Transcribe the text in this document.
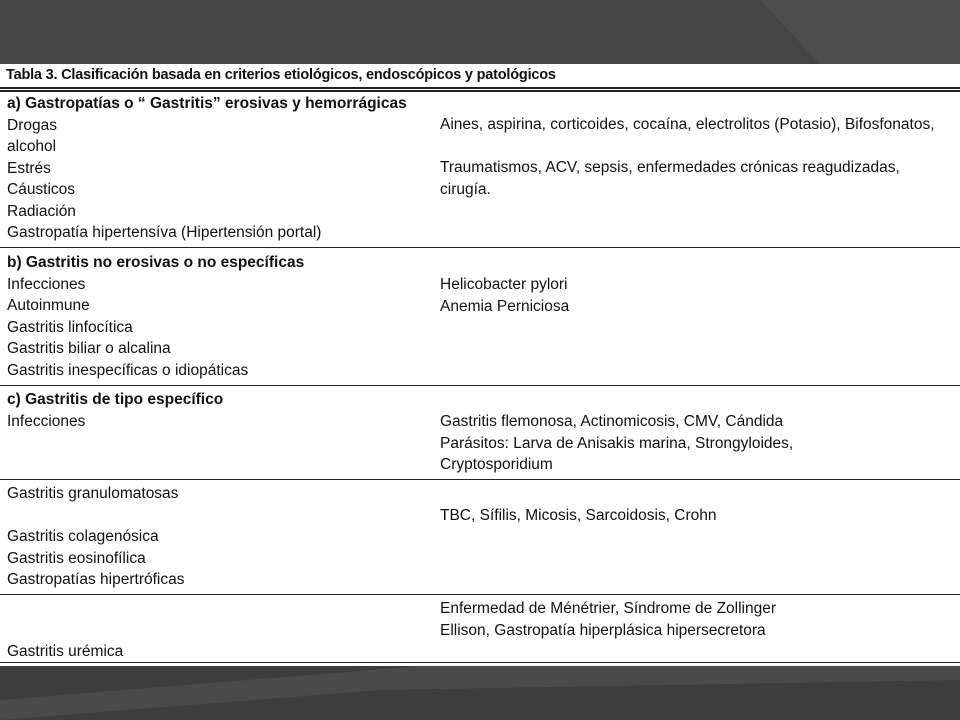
Tabla 3. Clasificación basada en criterios etiológicos, endoscópicos y patológicos
a) Gastropatías o “ Gastritis” erosivas y hemorrágicas
Drogas
alcohol
Estrés
Cáusticos
Radiación
Gastropatía hipertensíva (Hipertensión portal)
Aines, aspirina, corticoides, cocaína, electrolitos (Potasio), Bifosfonatos,

Traumatismos, ACV, sepsis, enfermedades crónicas reagudizadas,
cirugía.
b) Gastritis no erosivas o no específicas
Infecciones
Autoinmune
Gastritis linfocítica
Gastritis biliar o alcalina
Gastritis inespecíficas o idiopáticas
Helicobacter pylori
Anemia Perniciosa
c) Gastritis de tipo específico
Infecciones	Gastritis flemonosa, Actinomicosis, CMV, Cándida
Parásitos: Larva de Anisakis marina, Strongyloides,
Cryptosporidium
Gastritis granulomatosas

Gastritis colagenósica
Gastritis eosinofílica
Gastropatías hipertróficas

TBC, Sífilis, Micosis, Sarcoidosis, Crohn

Gastritis urémica
Enfermedad de Ménétrier, Síndrome de Zollinger
Ellison, Gastropatía hiperplásica hipersecretora
